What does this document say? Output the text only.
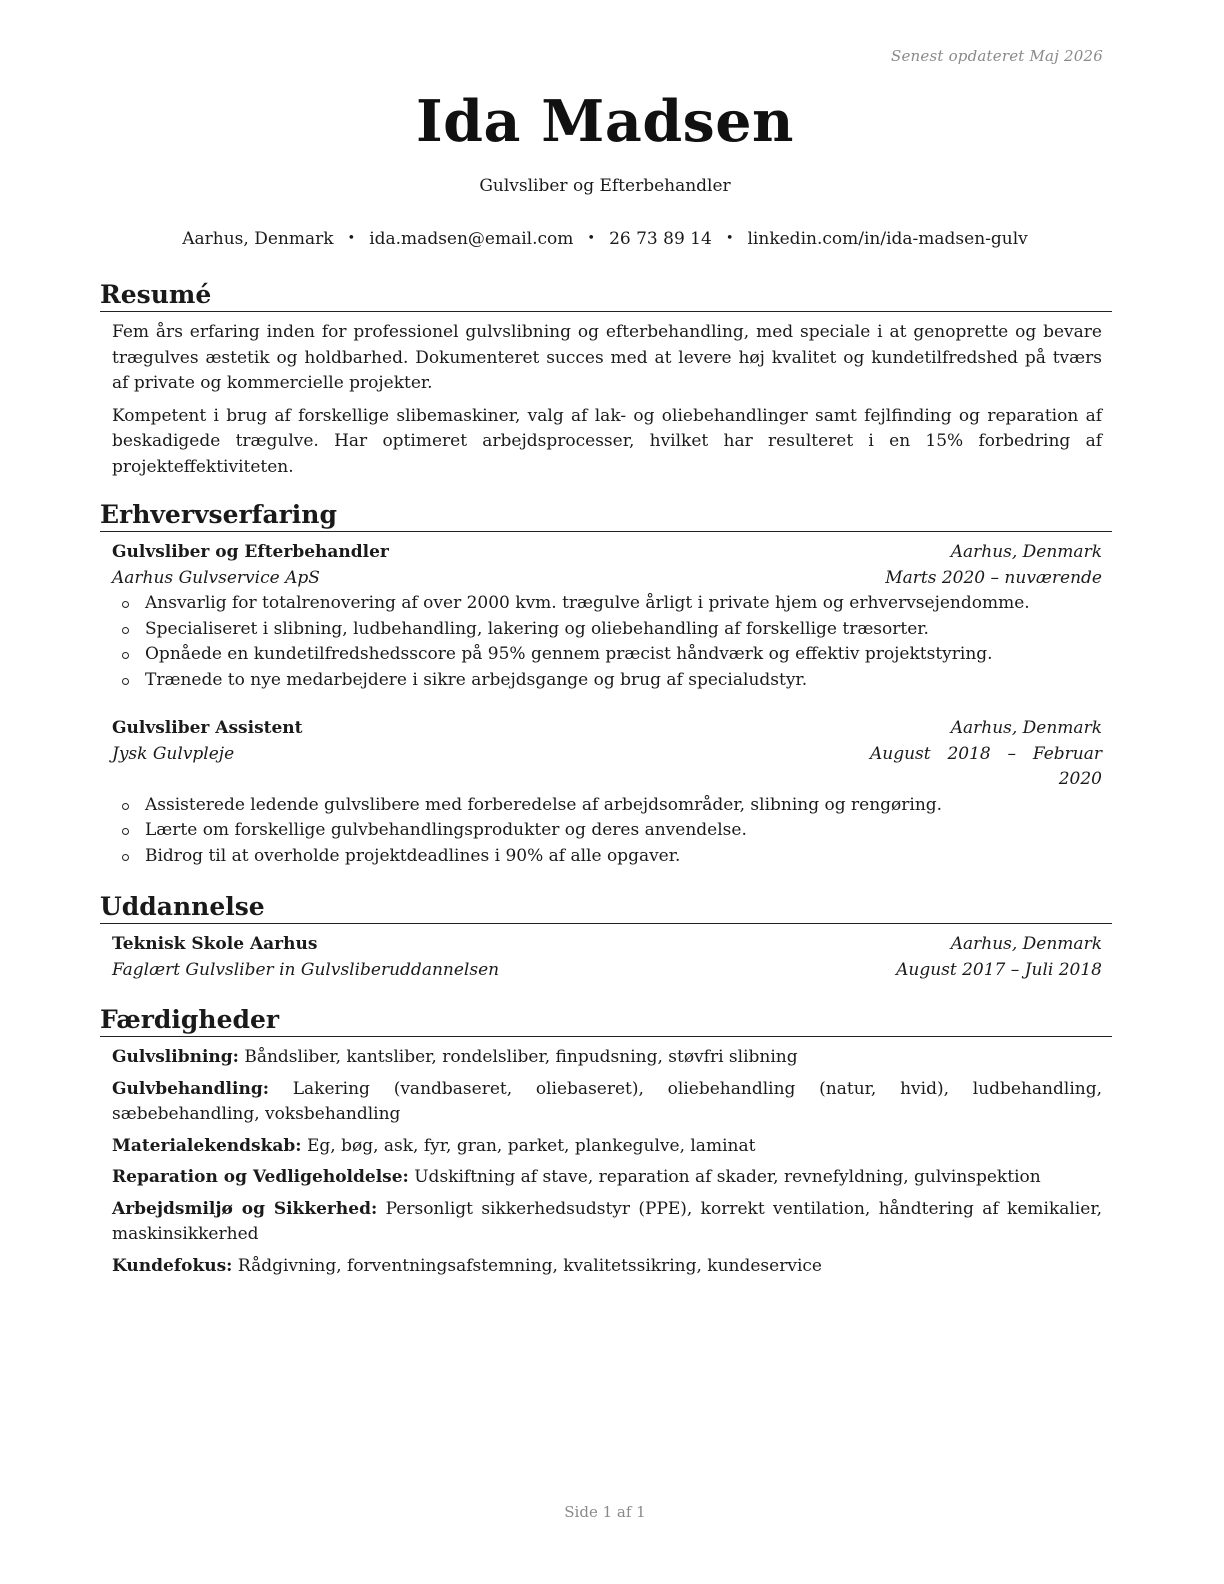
Senest opdateret Maj 2026
Ida Madsen
Gulvsliber og Efterbehandler
Aarhus, Denmark • ida.madsen@email.com • 26 73 89 14 • linkedin.com/in/ida-madsen-gulv
Resumé

Fem års erfaring inden for professionel gulvslibning og efterbehandling, med speciale i at genoprette og bevare trægulves æstetik og holdbarhed. Dokumenteret succes med at levere høj kvalitet og kundetilfredshed på tværs af private og kommercielle projekter.

Kompetent i brug af forskellige slibemaskiner, valg af lak- og oliebehandlinger samt fejlfinding og reparation af beskadigede trægulve. Har optimeret arbejdsprocesser, hvilket har resulteret i en 15% forbedring af projekteffektiviteten.

Erhvervserfaring
Gulvsliber og Efterbehandler	Aarhus, Denmark
Aarhus Gulvservice ApS	Marts 2020 – nuværende
Ansvarlig for totalrenovering af over 2000 kvm. trægulve årligt i private hjem og erhvervsejendomme.
Specialiseret i slibning, ludbehandling, lakering og oliebehandling af forskellige træsorter.
Opnåede en kundetilfredshedsscore på 95% gennem præcist håndværk og effektiv projektstyring.
Trænede to nye medarbejdere i sikre arbejdsgange og brug af specialudstyr.
Gulvsliber Assistent	Aarhus, Denmark
Jysk Gulvpleje	August 2018 – Februar 2020
Assisterede ledende gulvslibere med forberedelse af arbejdsområder, slibning og rengøring.
Lærte om forskellige gulvbehandlingsprodukter og deres anvendelse.
Bidrog til at overholde projektdeadlines i 90% af alle opgaver.
Uddannelse
Teknisk Skole Aarhus	Aarhus, Denmark
Faglært Gulvsliber in Gulvsliberuddannelsen	August 2017 – Juli 2018
Færdigheder
Gulvslibning: Båndsliber, kantsliber, rondelsliber, finpudsning, støvfri slibning
Gulvbehandling: Lakering (vandbaseret, oliebaseret), oliebehandling (natur, hvid), ludbehandling, sæbebehandling, voksbehandling
Materialekendskab: Eg, bøg, ask, fyr, gran, parket, plankegulve, laminat
Reparation og Vedligeholdelse: Udskiftning af stave, reparation af skader, revnefyldning, gulvinspektion
Arbejdsmiljø og Sikkerhed: Personligt sikkerhedsudstyr (PPE), korrekt ventilation, håndtering af kemikalier, maskinsikkerhed
Kundefokus: Rådgivning, forventningsafstemning, kvalitetssikring, kundeservice
Side 1 af 1
